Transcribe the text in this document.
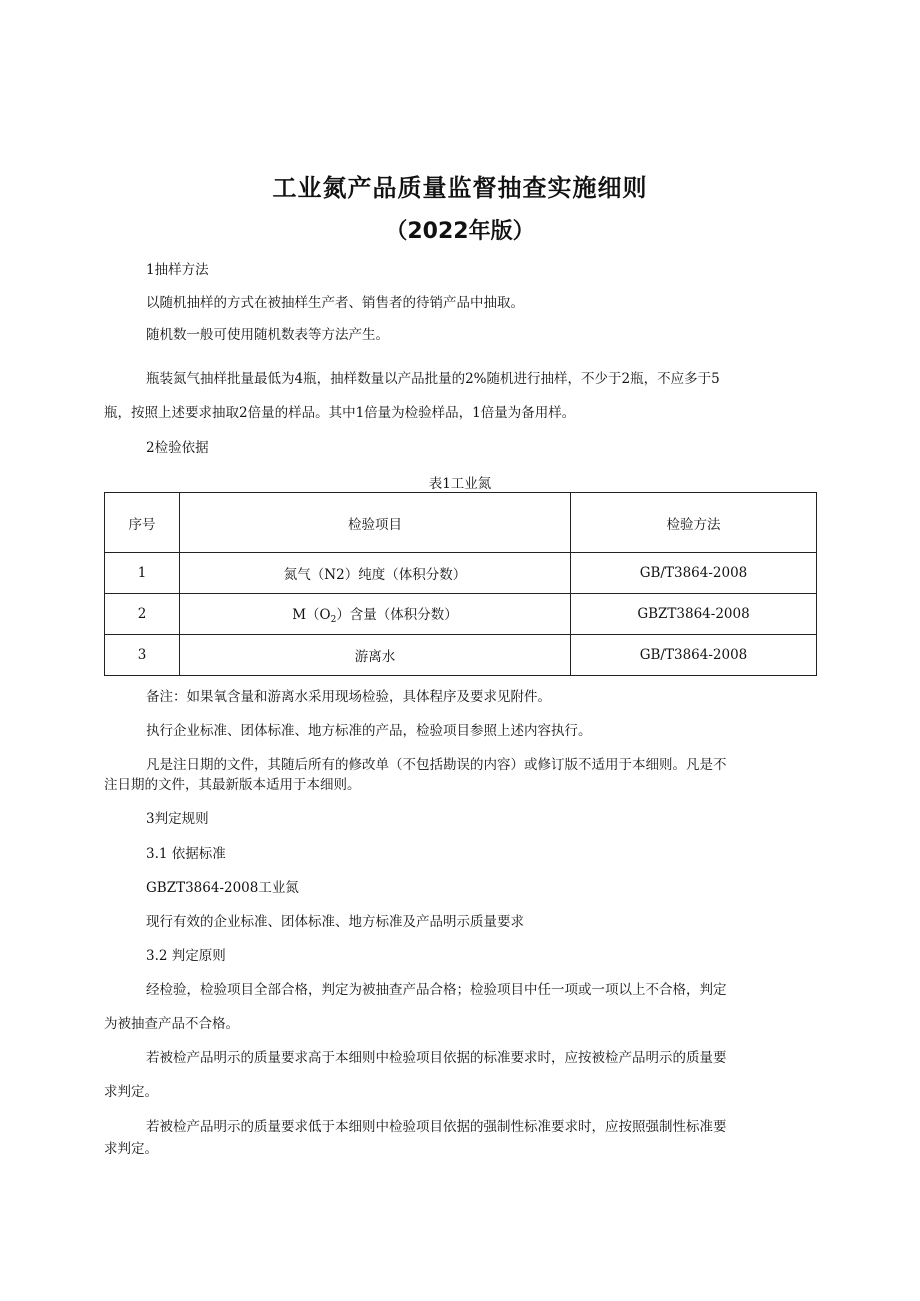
工业氮产品质量监督抽查实施细则
（2022年版）
1抽样方法
以随机抽样的方式在被抽样生产者、销售者的待销产品中抽取。
随机数一般可使用随机数表等方法产生。
瓶装氮气抽样批量最低为4瓶，抽样数量以产品批量的2%随机进行抽样，不少于2瓶，不应多于5
瓶，按照上述要求抽取2倍量的样品。其中1倍量为检验样品，1倍量为备用样。
2检验依据
表1工业氮
序号	检验项目	检验方法
1	氮气（N2）纯度（体积分数）	GB/T3864-2008
2	$M(O_2)$含量（体积分数）	GBZT3864-2008
3	游离水	GB/T3864-2008
备注：如果氧含量和游离水采用现场检验，具体程序及要求见附件。
执行企业标准、团体标准、地方标准的产品，检验项目参照上述内容执行。
凡是注日期的文件，其随后所有的修改单（不包括勘误的内容）或修订版不适用于本细则。凡是不
注日期的文件，其最新版本适用于本细则。
3判定规则
3.1 依据标准
GBZT3864-2008工业氮
现行有效的企业标准、团体标准、地方标准及产品明示质量要求
3.2 判定原则
经检验，检验项目全部合格，判定为被抽查产品合格；检验项目中任一项或一项以上不合格，判定
为被抽查产品不合格。
若被检产品明示的质量要求高于本细则中检验项目依据的标准要求时，应按被检产品明示的质量要
求判定。
若被检产品明示的质量要求低于本细则中检验项目依据的强制性标准要求时，应按照强制性标准要
求判定。
